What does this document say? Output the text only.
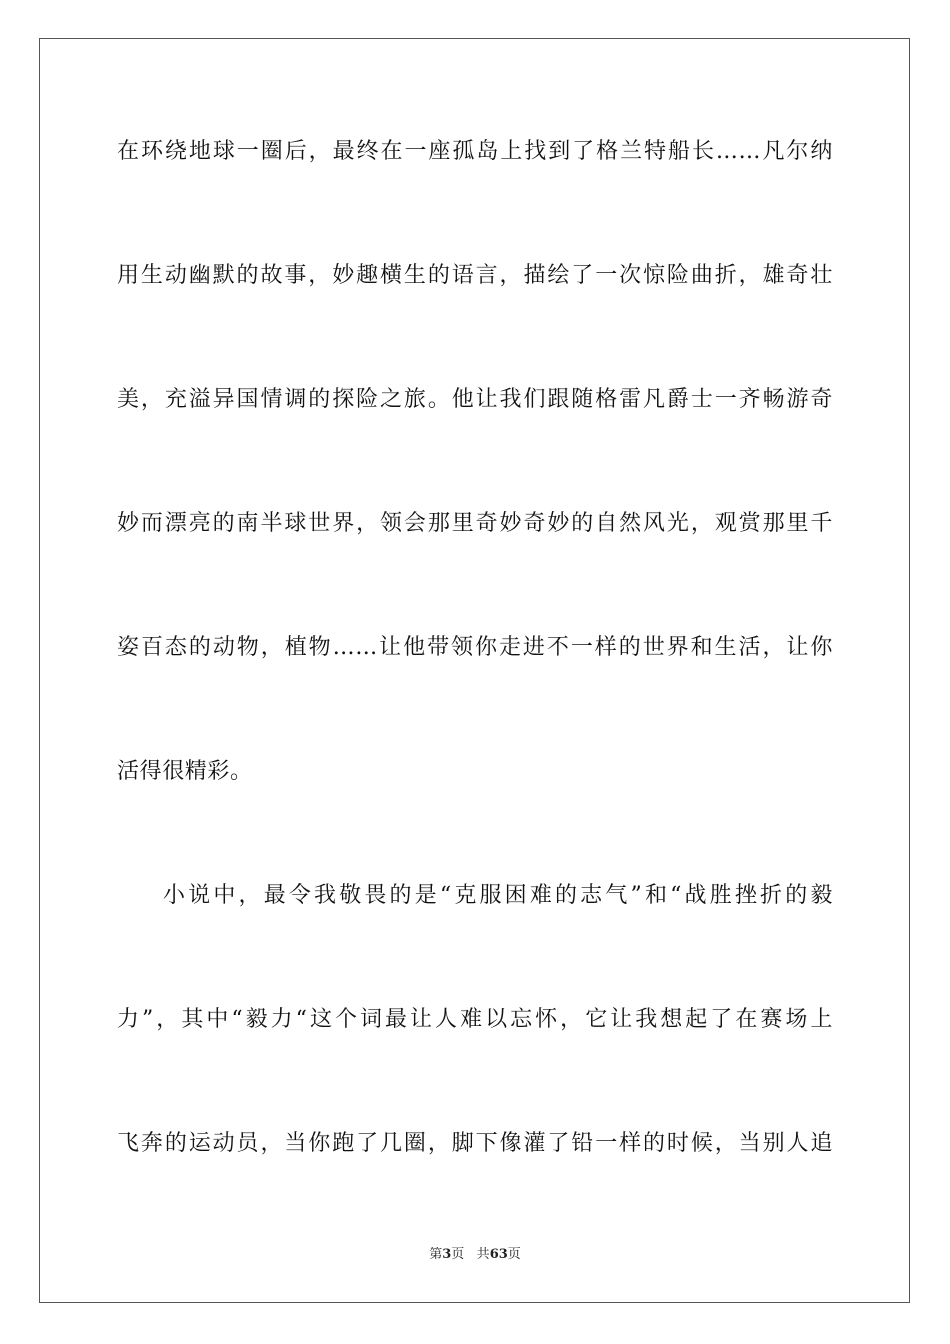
在环绕地球一圈后，最终在一座孤岛上找到了格兰特船长……凡尔纳
用生动幽默的故事，妙趣横生的语言，描绘了一次惊险曲折，雄奇壮
美，充溢异国情调的探险之旅。他让我们跟随格雷凡爵士一齐畅游奇
妙而漂亮的南半球世界，领会那里奇妙奇妙的自然风光，观赏那里千
姿百态的动物，植物……让他带领你走进不一样的世界和生活，让你
活得很精彩。
小说中，最令我敬畏的是“克服困难的志气”和“战胜挫折的毅
力”，其中“毅力“这个词最让人难以忘怀，它让我想起了在赛场上
飞奔的运动员，当你跑了几圈，脚下像灌了铅一样的时候，当别人追
第3页 共63页
